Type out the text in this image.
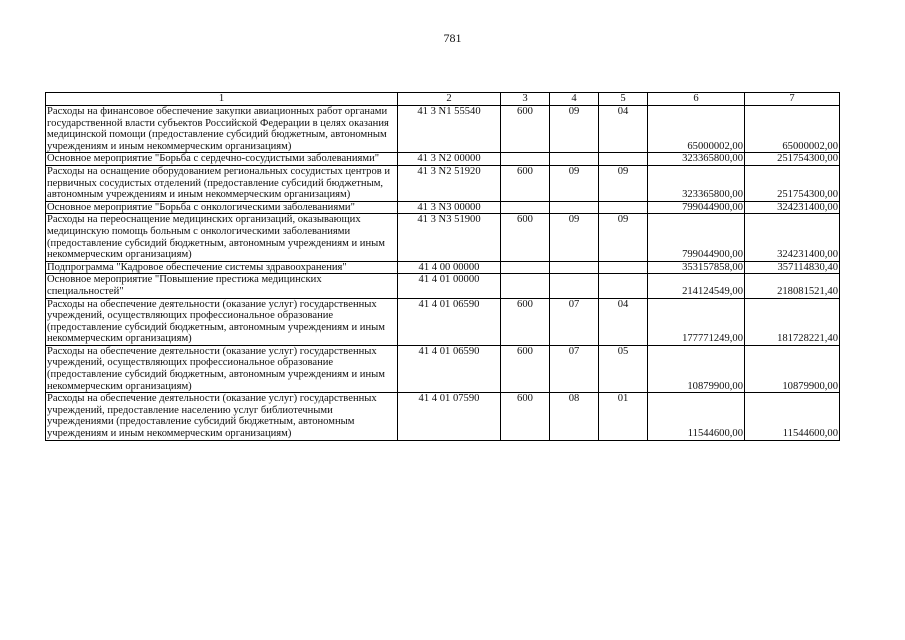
781
1	2	3	4	5	6	7
Расходы на финансовое обеспечение закупки авиационных работ органами государственной власти субъектов Российской Федерации в целях оказания медицинской помощи (предоставление субсидий бюджетным, автономным учреждениям и иным некоммерческим организациям)	41 3 N1 55540	600	09	04	65000002,00	65000002,00
Основное мероприятие "Борьба с сердечно-сосудистыми заболеваниями"	41 3 N2 00000				323365800,00	251754300,00
Расходы на оснащение оборудованием региональных сосудистых центров и первичных сосудистых отделений (предоставление субсидий бюджетным, автономным учреждениям и иным некоммерческим организациям)	41 3 N2 51920	600	09	09	323365800,00	251754300,00
Основное мероприятие "Борьба с онкологическими заболеваниями"	41 3 N3 00000				799044900,00	324231400,00
Расходы на переоснащение медицинских организаций, оказывающих медицинскую помощь больным с онкологическими заболеваниями (предоставление субсидий бюджетным, автономным учреждениям и иным некоммерческим организациям)	41 3 N3 51900	600	09	09	799044900,00	324231400,00
Подпрограмма "Кадровое обеспечение системы здравоохранения"	41 4 00 00000				353157858,00	357114830,40
Основное мероприятие "Повышение престижа медицинских специальностей"	41 4 01 00000				214124549,00	218081521,40
Расходы на обеспечение деятельности (оказание услуг) государственных учреждений, осуществляющих профессиональное образование (предоставление субсидий бюджетным, автономным учреждениям и иным некоммерческим организациям)	41 4 01 06590	600	07	04	177771249,00	181728221,40
Расходы на обеспечение деятельности (оказание услуг) государственных учреждений, осуществляющих профессиональное образование (предоставление субсидий бюджетным, автономным учреждениям и иным некоммерческим организациям)	41 4 01 06590	600	07	05	10879900,00	10879900,00
Расходы на обеспечение деятельности (оказание услуг) государственных учреждений, предоставление населению услуг библиотечными учреждениями (предоставление субсидий бюджетным, автономным учреждениям и иным некоммерческим организациям)	41 4 01 07590	600	08	01	11544600,00	11544600,00
